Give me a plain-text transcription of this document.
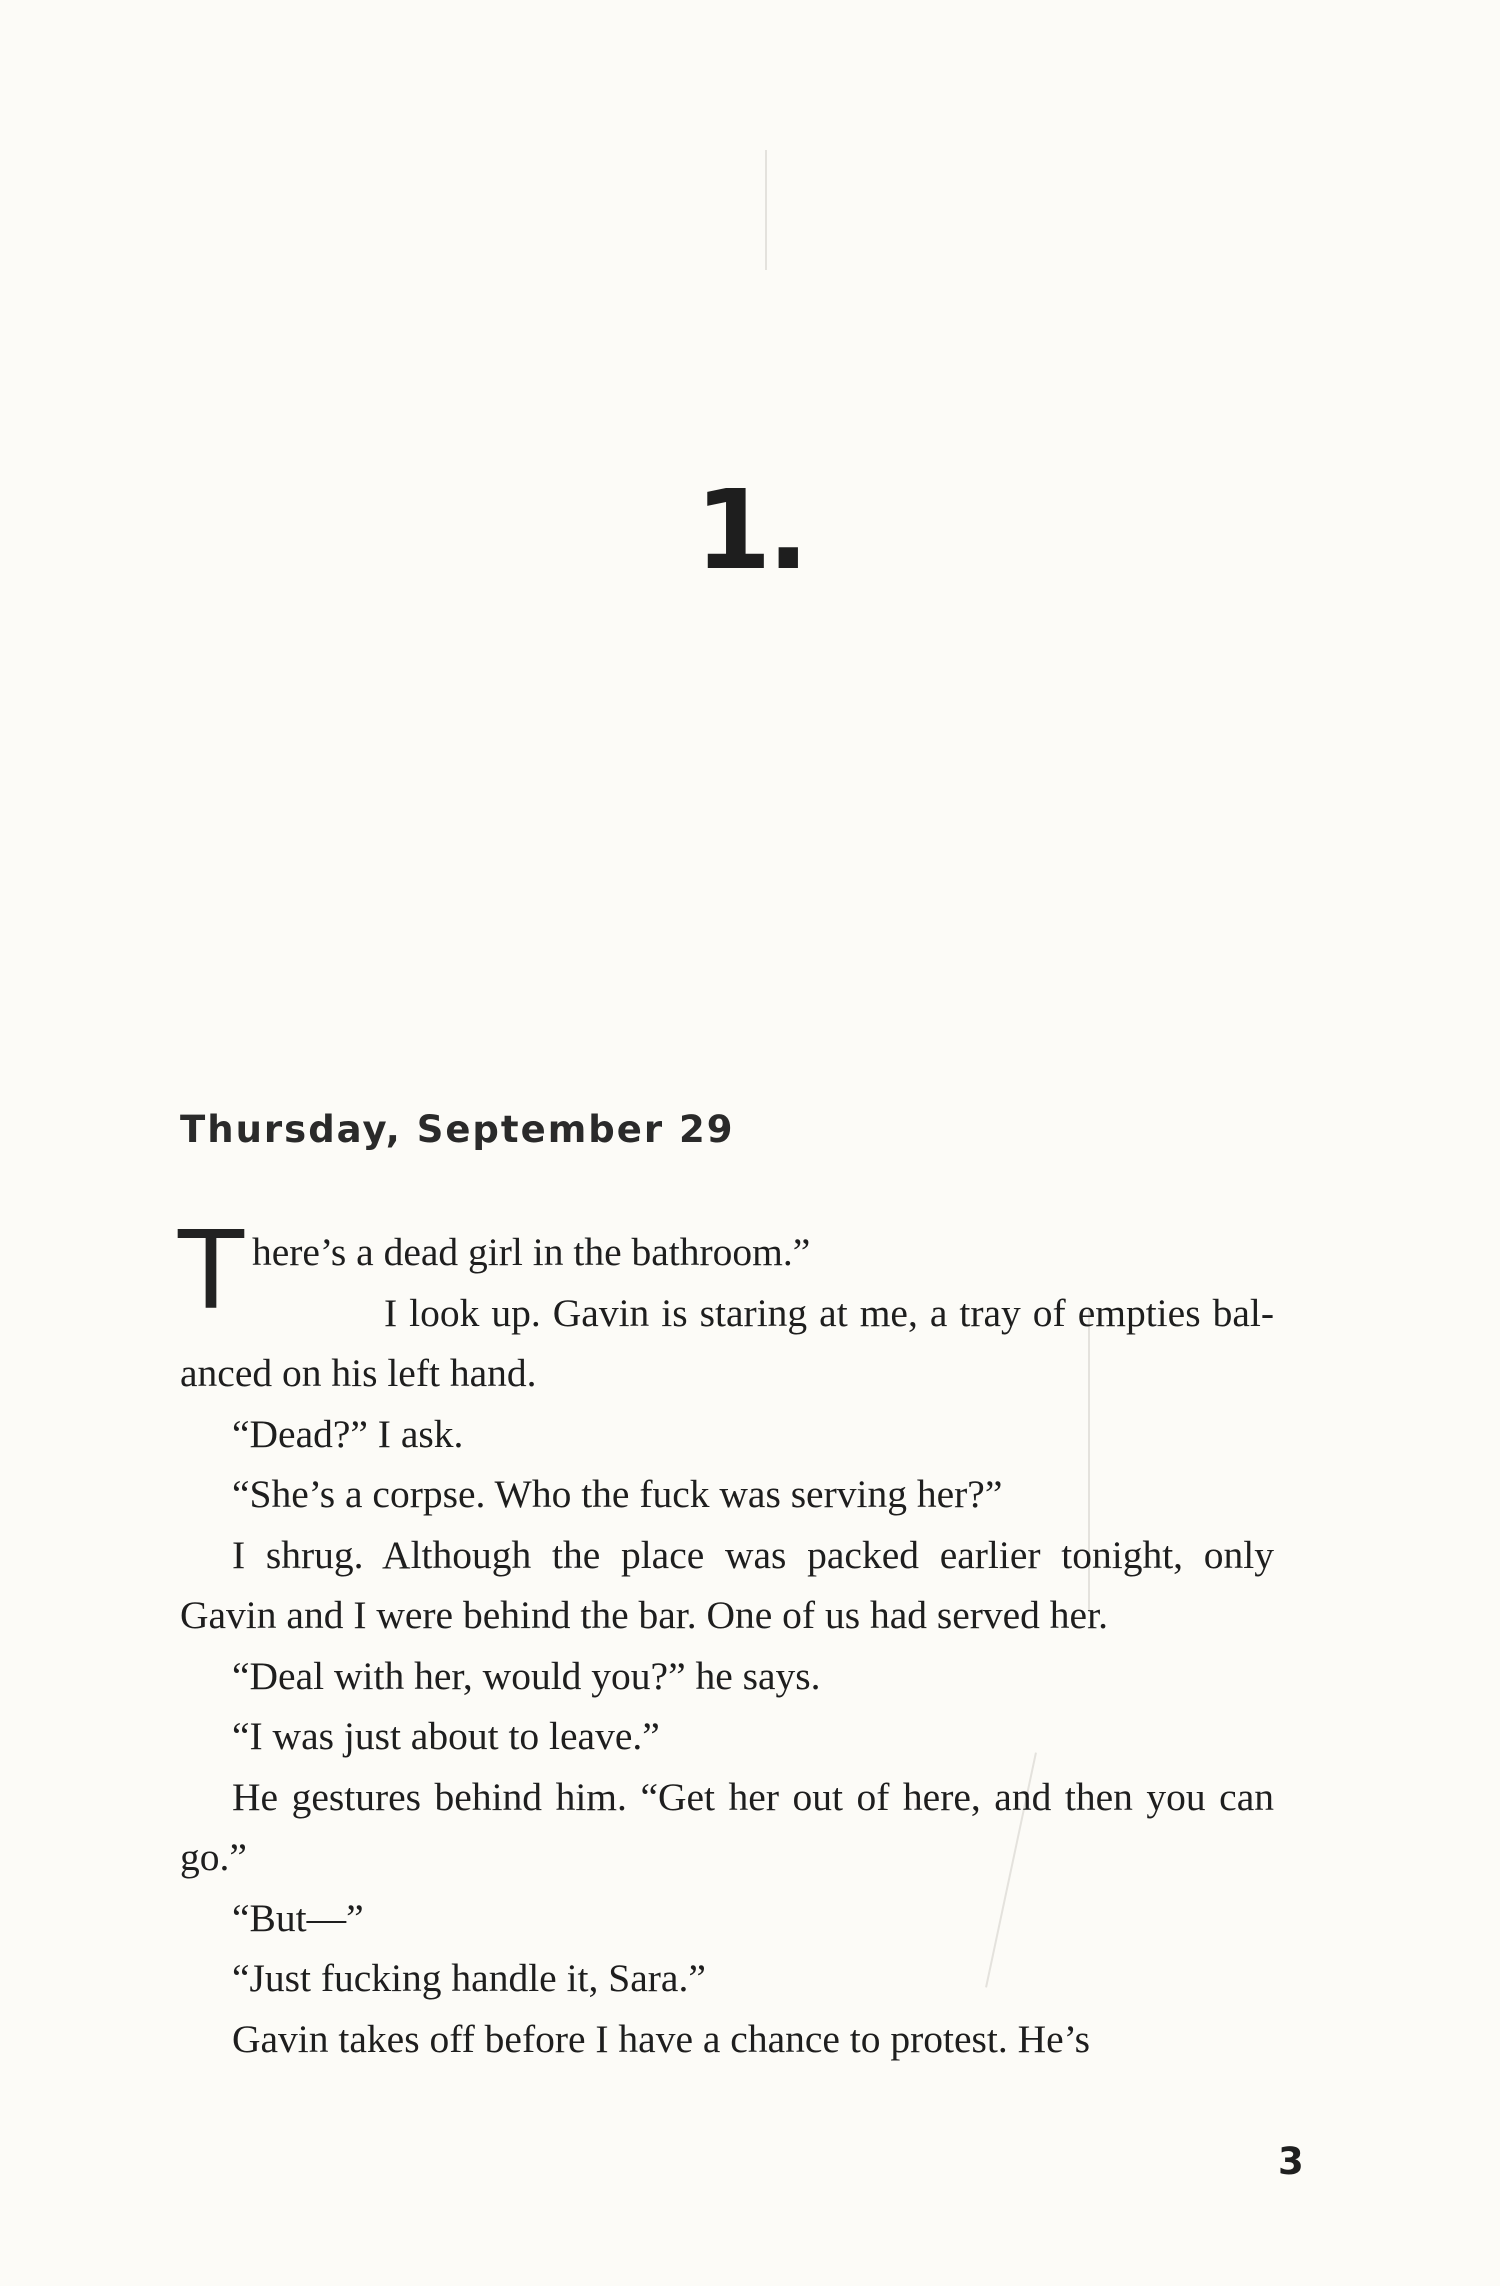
1.
Thursday, September 29

There’s a dead girl in the bathroom.”

I look up. Gavin is staring at me, a tray of empties balanced on his left hand.

“Dead?” I ask.

“She’s a corpse. Who the fuck was serving her?”

I shrug. Although the place was packed earlier tonight, only Gavin and I were behind the bar. One of us had served her.

“Deal with her, would you?” he says.

“I was just about to leave.”

He gestures behind him. “Get her out of here, and then you can go.”

“But—”

“Just fucking handle it, Sara.”

Gavin takes off before I have a chance to protest. He’s

3
